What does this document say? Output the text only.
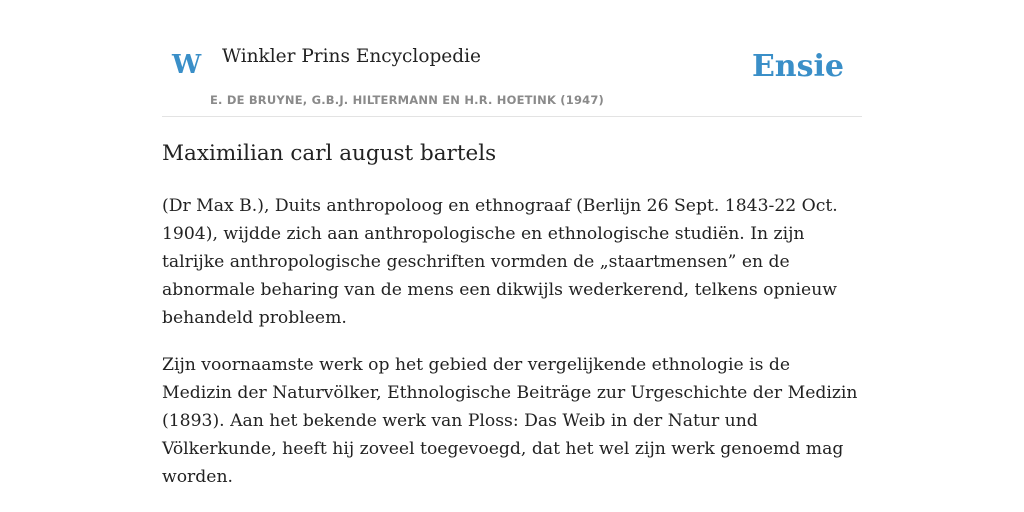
W Winkler Prins Encyclopedie
E. DE BRUYNE, G.B.J. HILTERMANN EN H.R. HOETINK (1947)
Ensie
Maximilian carl august bartels

(Dr Max B.), Duits anthropoloog en ethnograaf (Berlijn 26 Sept. 1843-22 Oct. 1904), wijdde zich aan anthropologische en ethnologische studiën. In zijn talrijke anthropologische geschriften vormden de „staartmensen” en de abnormale beharing van de mens een dikwijls wederkerend, telkens opnieuw behandeld probleem.

Zijn voornaamste werk op het gebied der vergelijkende ethnologie is de Medizin der Naturvölker, Ethnologische Beiträge zur Urgeschichte der Medizin (1893). Aan het bekende werk van Ploss: Das Weib in der Natur und Völkerkunde, heeft hij zoveel toegevoegd, dat het wel zijn werk genoemd mag worden.
